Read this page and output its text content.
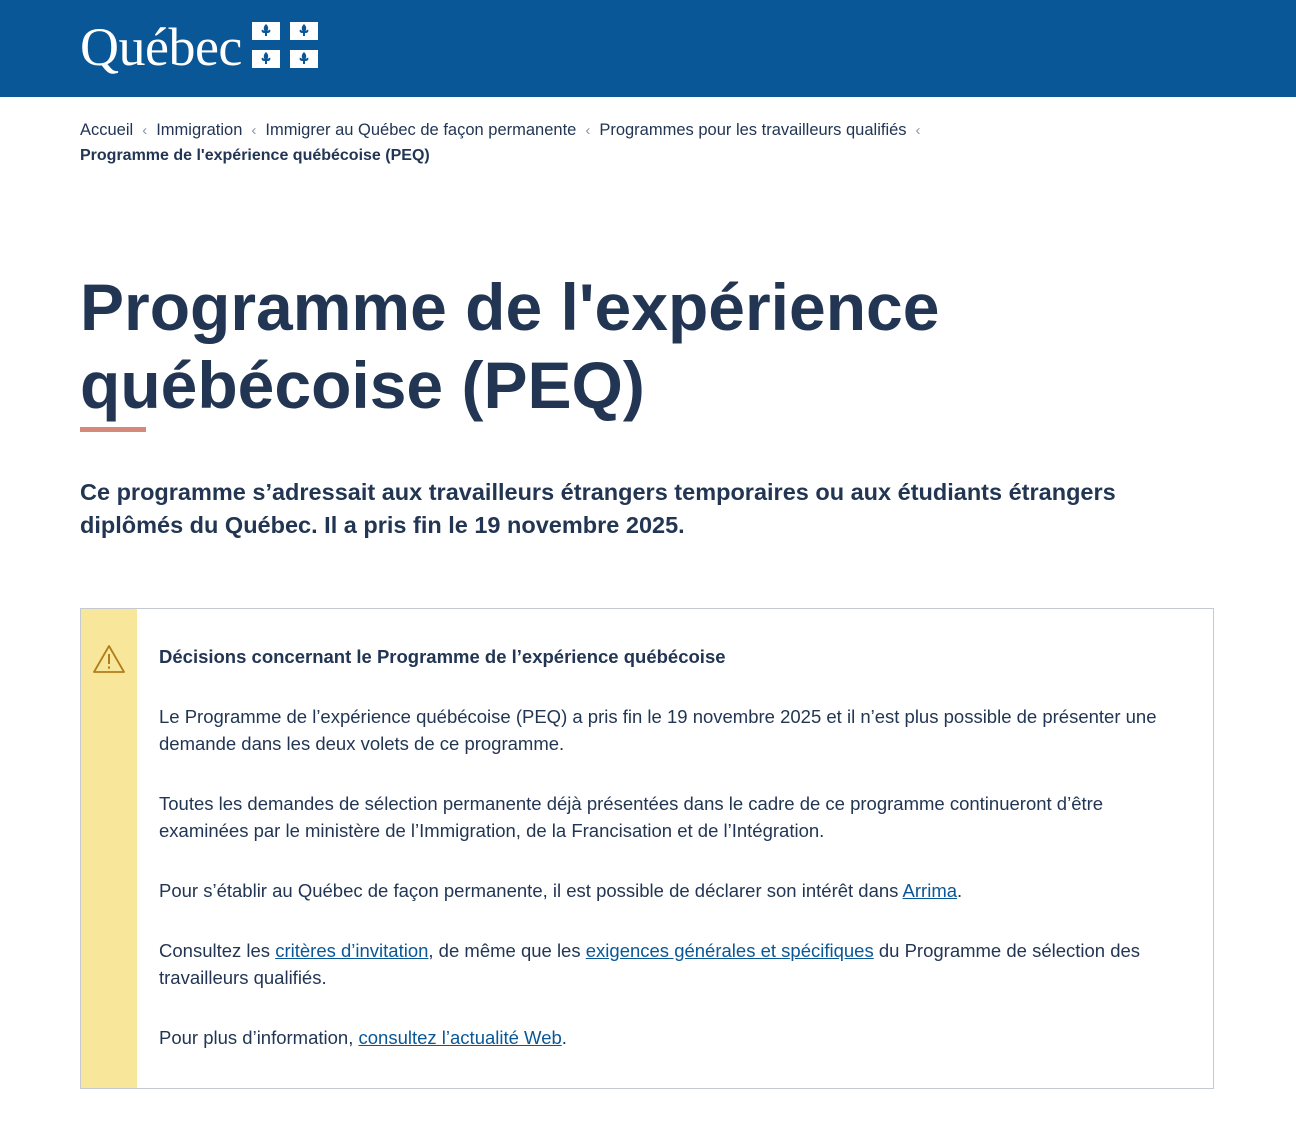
Québec
Accueil ‹ Immigration ‹ Immigrer au Québec de façon permanente ‹ Programmes pour les travailleurs qualifiés ‹
Programme de l'expérience québécoise (PEQ)
Programme de l'expérience québécoise (PEQ)

Ce programme s’adressait aux travailleurs étrangers temporaires ou aux étudiants étrangers diplômés du Québec. Il a pris fin le 19 novembre 2025.

Décisions concernant le Programme de l’expérience québécoise

Le Programme de l’expérience québécoise (PEQ) a pris fin le 19 novembre 2025 et il n’est plus possible de présenter une demande dans les deux volets de ce programme.

Toutes les demandes de sélection permanente déjà présentées dans le cadre de ce programme continueront d’être examinées par le ministère de l’Immigration, de la Francisation et de l’Intégration.

Pour s’établir au Québec de façon permanente, il est possible de déclarer son intérêt dans Arrima.

Consultez les critères d’invitation, de même que les exigences générales et spécifiques du Programme de sélection des travailleurs qualifiés.

Pour plus d’information, consultez l’actualité Web.
